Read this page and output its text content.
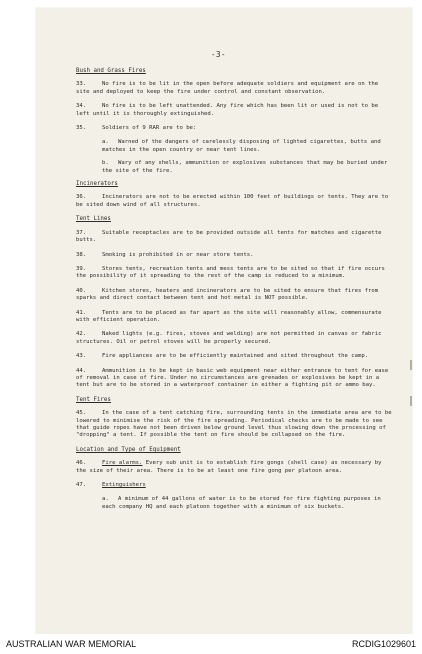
-3-
Bush and Grass Fires
33.	No fire is to be lit in the open before adequate soldiers and equipment are on the site and deployed to keep the fire under control and constant observation.
34.	No fire is to be left unattended. Any fire which has been lit or used is not to be left until it is thoroughly extinguished.
35.	Soldiers of 9 RAR are to be:
a. Warned of the dangers of carelessly disposing of lighted cigarettes, butts and matches in the open country or near tent lines.
b. Wary of any shells, ammunition or explosives substances that may be buried under the site of the fire.
Incinerators
36.	Incinerators are not to be erected within 100 feet of buildings or tents. They are to be sited down wind of all structures.
Tent Lines
37.	Suitable receptacles are to be provided outside all tents for matches and cigarette butts.
38.	Smoking is prohibited in or near store tents.
39.	Stores tents, recreation tents and mess tents are to be sited so that if fire occurs the possibility of it spreading to the rest of the camp is reduced to a minimum.
40.	Kitchen stores, heaters and incinerators are to be sited to ensure that fires from sparks and direct contact between tent and hot metal is NOT possible.
41.	Tents are to be placed as far apart as the site will reasonably allow, commensurate with efficient operation.
42.	Naked lights (e.g. fires, stoves and welding) are not permitted in canvas or fabric structures. Oil or petrol stoves will be properly secured.
43.	Fire appliances are to be efficiently maintained and sited throughout the camp.
44.	Ammunition is to be kept in basic web equipment near either entrance to tent for ease of removal in case of fire. Under no circumstances are grenades or explosives be kept in a tent but are to be stored in a waterproof container in either a fighting pit or ammo bay.
Tent Fires
45.	In the case of a tent catching fire, surrounding tents in the immediate area are to be lowered to minimise the risk of the fire spreading. Periodical checks are to be made to see that guide ropes have not been driven below ground level thus slowing down the processing of "dropping" a tent. If possible the tent on fire should be collapsed on the fire.
Location and Type of Equipment
46.	Fire alarms. Every sub unit is to establish fire gongs (shell case) as necessary by the size of their area. There is to be at least one fire gong per platoon area.
47.	Extinguishers
a. A minimum of 44 gallons of water is to be stored for fire fighting purposes in each company HQ and each platoon together with a minimum of six buckets.
AUSTRALIAN WAR MEMORIAL	RCDIG1029601
